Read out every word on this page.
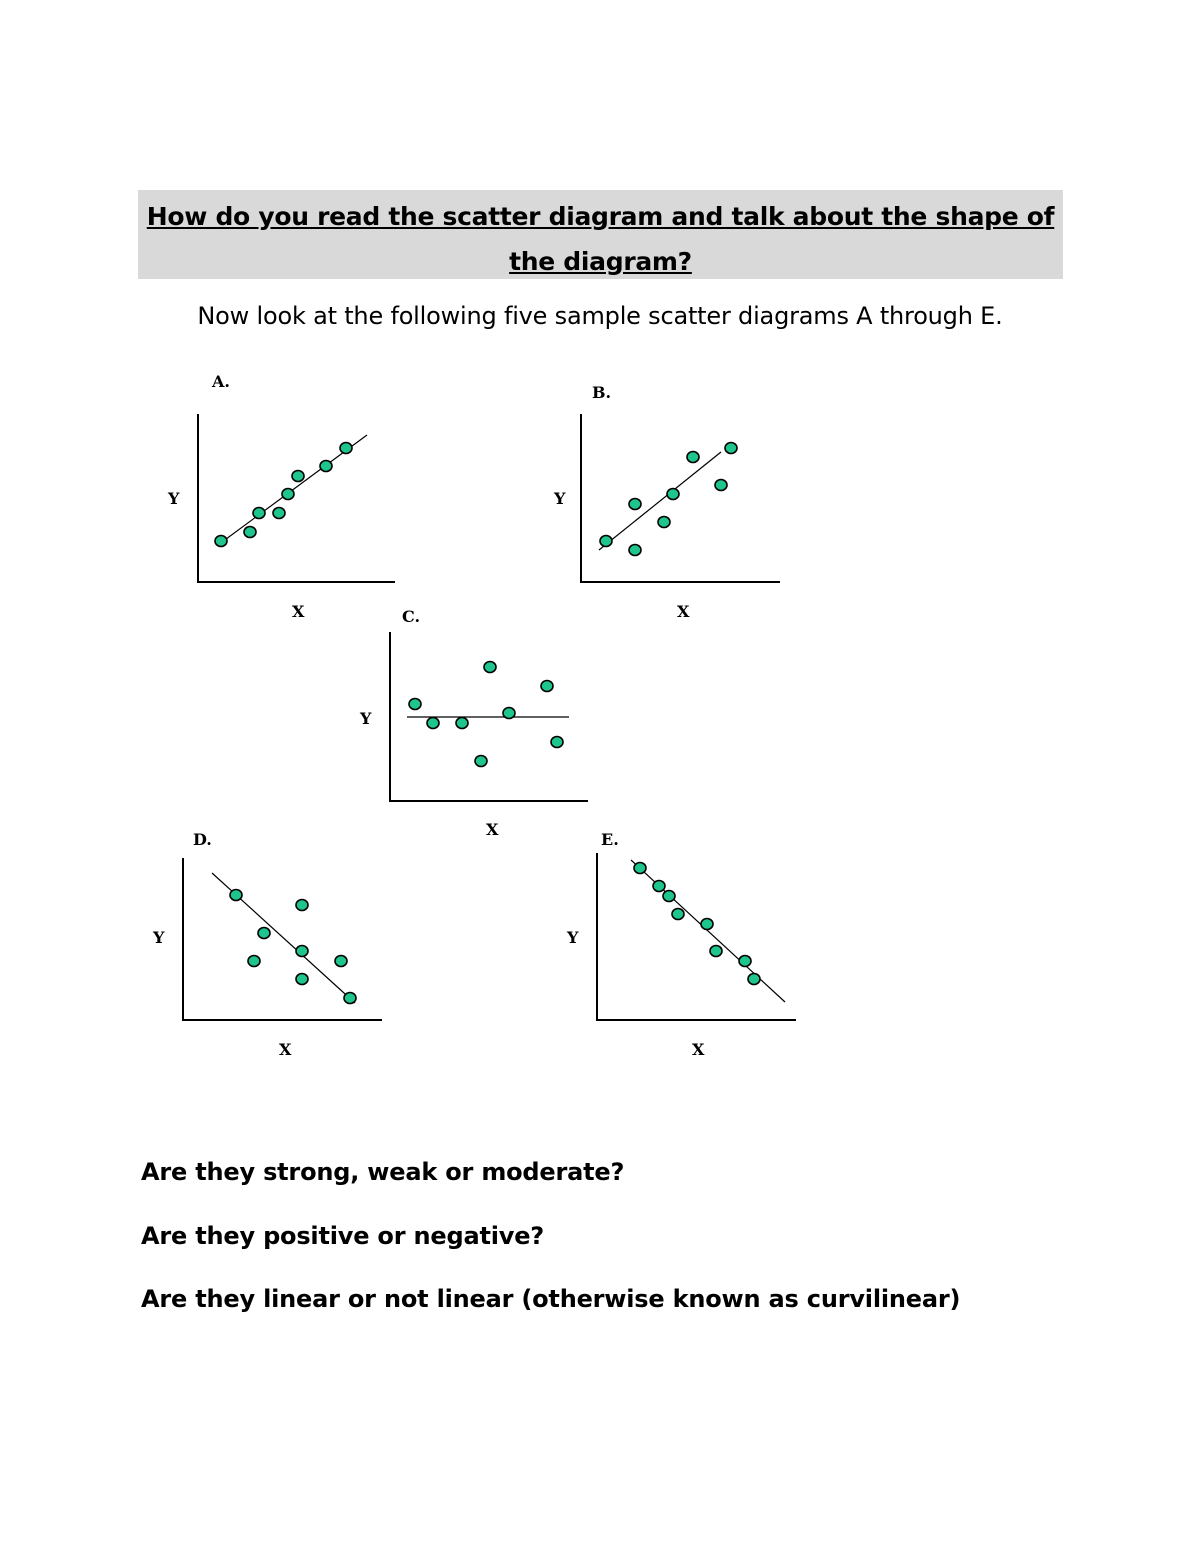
How do you read the scatter diagram and talk about the shape of the diagram?
Now look at the following five sample scatter diagrams A through E.
A.
Y
X
B.
Y
X
C.
Y
X
D.
Y
X
E.
Y
X
Are they strong, weak or moderate?
Are they positive or negative?
Are they linear or not linear (otherwise known as curvilinear)
